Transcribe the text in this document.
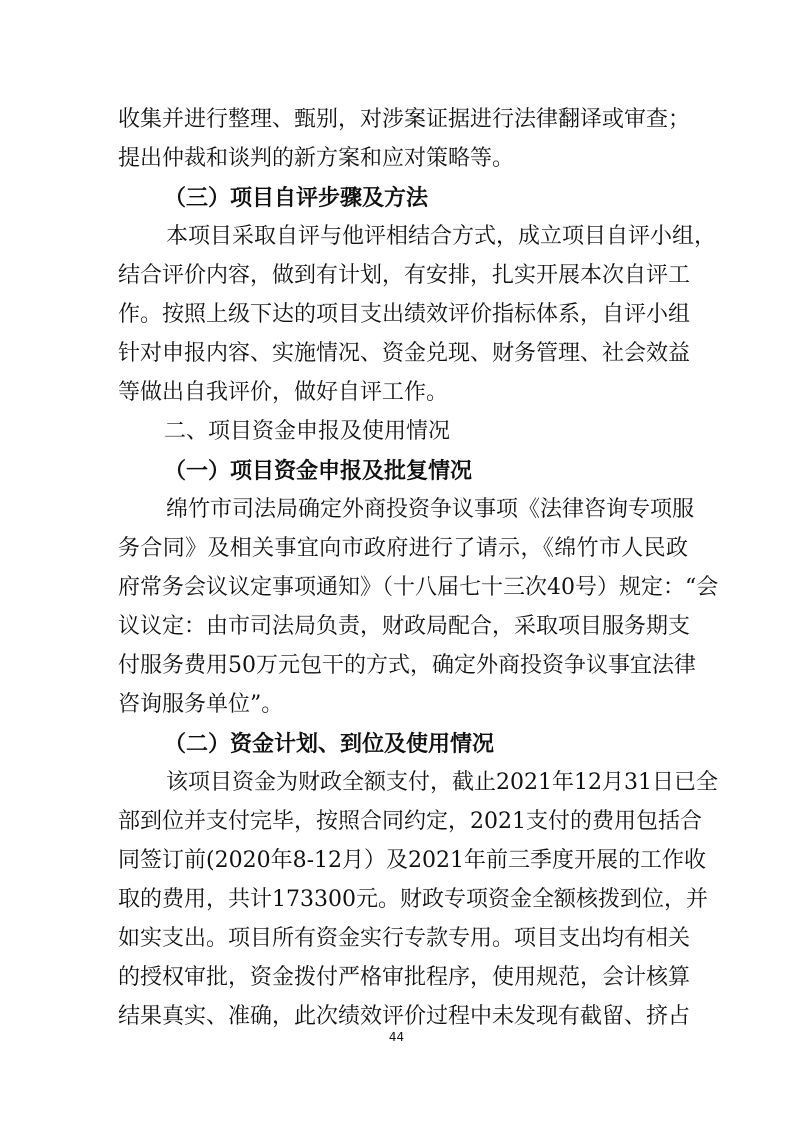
收集并进行整理、甄别，对涉案证据进行法律翻译或审查；
提出仲裁和谈判的新方案和应对策略等。
（三）项目自评步骤及方法
本项目采取自评与他评相结合方式，成立项目自评小组，
结合评价内容，做到有计划，有安排，扎实开展本次自评工
作。按照上级下达的项目支出绩效评价指标体系，自评小组
针对申报内容、实施情况、资金兑现、财务管理、社会效益
等做出自我评价，做好自评工作。
二、项目资金申报及使用情况
（一）项目资金申报及批复情况
绵竹市司法局确定外商投资争议事项《法律咨询专项服
务合同》及相关事宜向市政府进行了请示，《绵竹市人民政
府常务会议议定事项通知》（十八届七十三次40号）规定：“会
议议定：由市司法局负责，财政局配合，采取项目服务期支
付服务费用50万元包干的方式，确定外商投资争议事宜法律
咨询服务单位”。
（二）资金计划、到位及使用情况
该项目资金为财政全额支付，截止2021年12月31日已全
部到位并支付完毕，按照合同约定，2021支付的费用包括合
同签订前(2020年8-12月）及2021年前三季度开展的工作收
取的费用，共计173300元。财政专项资金全额核拨到位，并
如实支出。项目所有资金实行专款专用。项目支出均有相关
的授权审批，资金拨付严格审批程序，使用规范，会计核算
结果真实、准确，此次绩效评价过程中未发现有截留、挤占
44
